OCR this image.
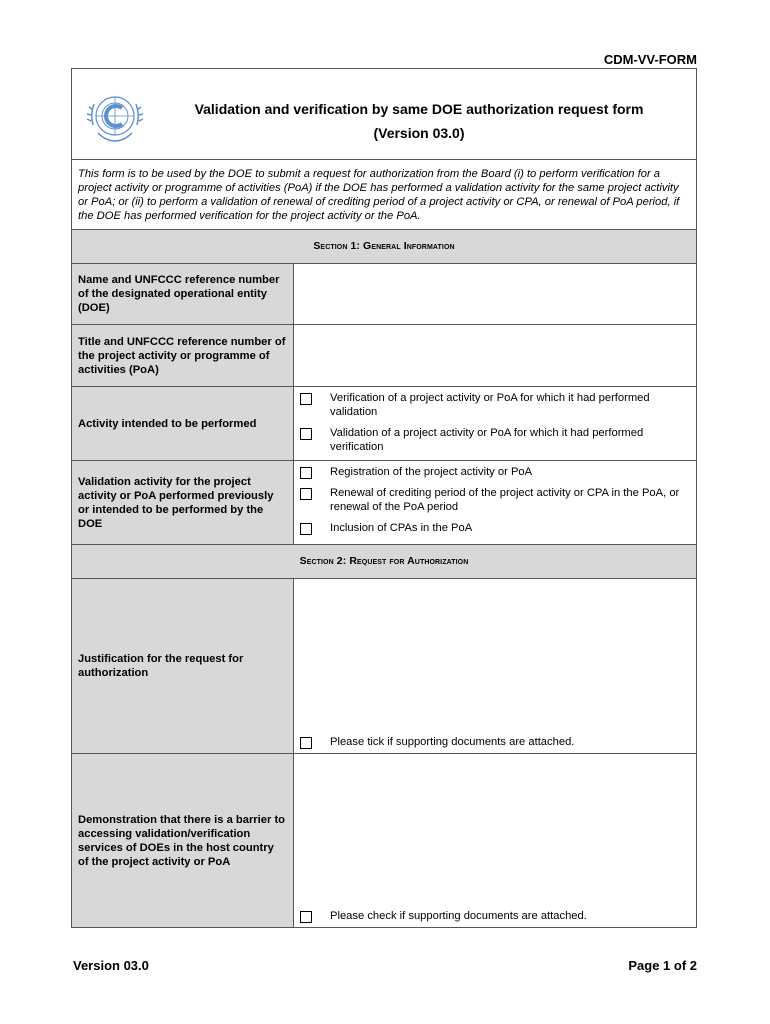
CDM-VV-FORM
Validation and verification by same DOE authorization request form
(Version 03.0)
This form is to be used by the DOE to submit a request for authorization from the Board (i) to perform verification for a project activity or programme of activities (PoA) if the DOE has performed a validation activity for the same project activity or PoA; or (ii) to perform a validation of renewal of crediting period of a project activity or CPA, or renewal of PoA period, if the DOE has performed verification for the project activity or the PoA.
Section 1: General Information
Name and UNFCCC reference number of the designated operational entity (DOE)
Title and UNFCCC reference number of the project activity or programme of activities (PoA)
Activity intended to be performed
Verification of a project activity or PoA for which it had performed validation
Validation of a project activity or PoA for which it had performed verification
Validation activity for the project activity or PoA performed previously or intended to be performed by the DOE
Registration of the project activity or PoA
Renewal of crediting period of the project activity or CPA in the PoA, or renewal of the PoA period
Inclusion of CPAs in the PoA
Section 2: Request for Authorization
Justification for the request for authorization
Please tick if supporting documents are attached.
Demonstration that there is a barrier to accessing validation/verification services of DOEs in the host country of the project activity or PoA
Please check if supporting documents are attached.
Version 03.0	Page 1 of 2
